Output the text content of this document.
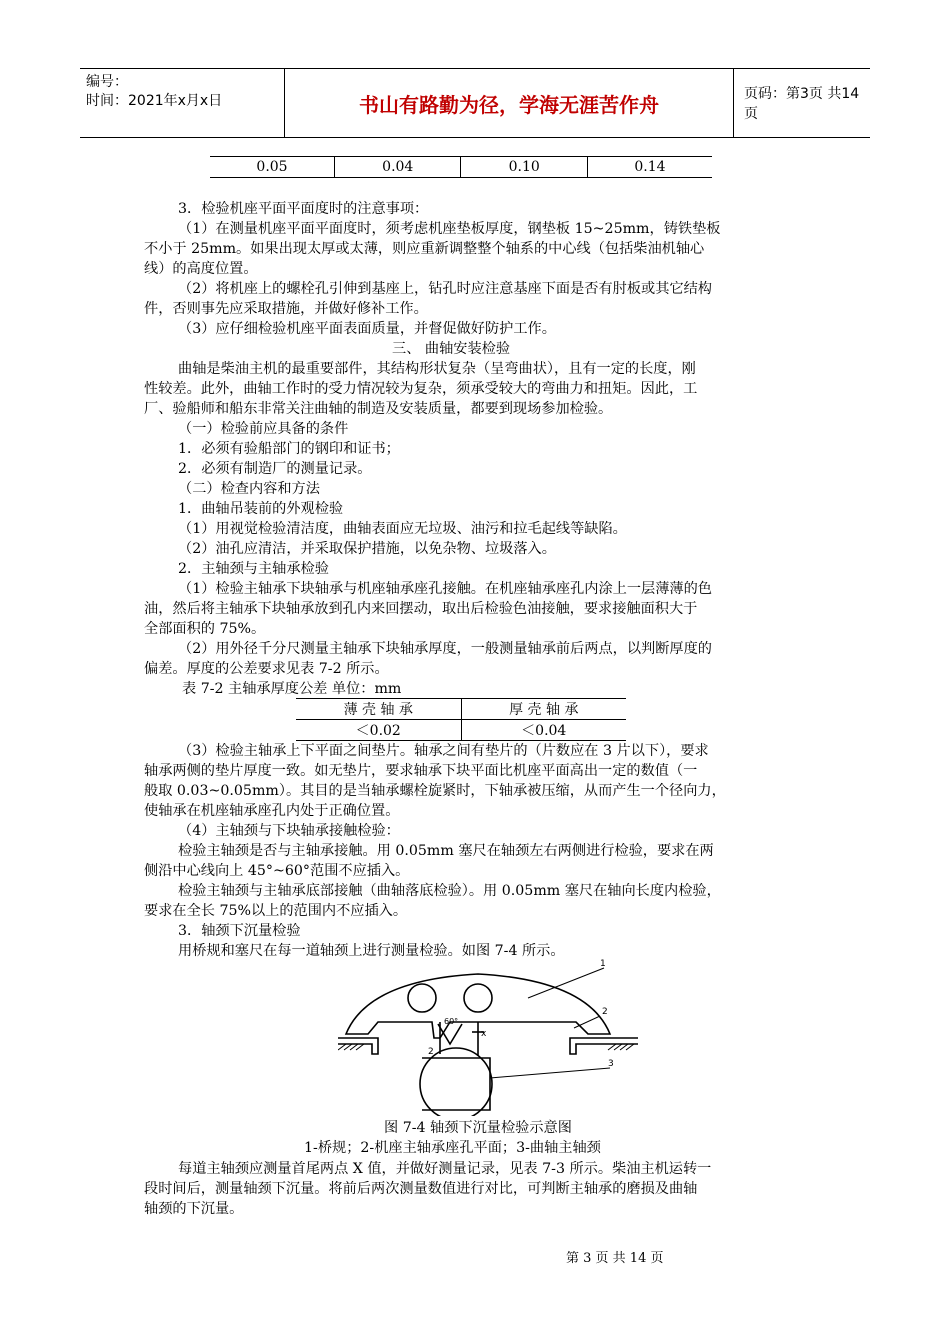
编号：
时间：2021年x月x日	书山有路勤为径，学海无涯苦作舟	页码：第3页 共14页
0.05	0.04	0.10	0.14
3．检验机座平面平面度时的注意事项：
（1）在测量机座平面平面度时，须考虑机座垫板厚度，钢垫板 15~25mm，铸铁垫板
不小于 25mm。如果出现太厚或太薄，则应重新调整整个轴系的中心线（包括柴油机轴心
线）的高度位置。
（2）将机座上的螺栓孔引伸到基座上，钻孔时应注意基座下面是否有肘板或其它结构
件，否则事先应采取措施，并做好修补工作。
（3）应仔细检验机座平面表面质量，并督促做好防护工作。
三、 曲轴安装检验
曲轴是柴油主机的最重要部件，其结构形状复杂（呈弯曲状），且有一定的长度，刚
性较差。此外，曲轴工作时的受力情况较为复杂，须承受较大的弯曲力和扭矩。因此，工
厂、验船师和船东非常关注曲轴的制造及安装质量，都要到现场参加检验。
（一）检验前应具备的条件
1．必须有验船部门的钢印和证书；
2．必须有制造厂的测量记录。
（二）检查内容和方法
1．曲轴吊装前的外观检验
（1）用视觉检验清洁度，曲轴表面应无垃圾、油污和拉毛起线等缺陷。
（2）油孔应清洁，并采取保护措施，以免杂物、垃圾落入。
2．主轴颈与主轴承检验
（1）检验主轴承下块轴承与机座轴承座孔接触。在机座轴承座孔内涂上一层薄薄的色
油，然后将主轴承下块轴承放到孔内来回摆动，取出后检验色油接触，要求接触面积大于
全部面积的 75%。
（2）用外径千分尺测量主轴承下块轴承厚度，一般测量轴承前后两点，以判断厚度的
偏差。厚度的公差要求见表 7-2 所示。
表 7-2 主轴承厚度公差 单位：mm
薄 壳 轴 承	厚 壳 轴 承
＜0.02	＜0.04
（3）检验主轴承上下平面之间垫片。轴承之间有垫片的（片数应在 3 片以下），要求
轴承两侧的垫片厚度一致。如无垫片，要求轴承下块平面比机座平面高出一定的数值（一
般取 0.03~0.05mm）。其目的是当轴承螺栓旋紧时，下轴承被压缩，从而产生一个径向力，
使轴承在机座轴承座孔内处于正确位置。
（4）主轴颈与下块轴承接触检验：
检验主轴颈是否与主轴承接触。用 0.05mm 塞尺在轴颈左右两侧进行检验，要求在两
侧沿中心线向上 45°~60°范围不应插入。
检验主轴颈与主轴承底部接触（曲轴落底检验）。用 0.05mm 塞尺在轴向长度内检验，
要求在全长 75%以上的范围内不应插入。
3．轴颈下沉量检验
用桥规和塞尺在每一道轴颈上进行测量检验。如图 7-4 所示。
1
2
3
60°
2
x
图 7-4 轴颈下沉量检验示意图
1-桥规；2-机座主轴承座孔平面；3-曲轴主轴颈
每道主轴颈应测量首尾两点 X 值，并做好测量记录，见表 7-3 所示。柴油主机运转一
段时间后，测量轴颈下沉量。将前后两次测量数值进行对比，可判断主轴承的磨损及曲轴
轴颈的下沉量。
第 3 页 共 14 页
